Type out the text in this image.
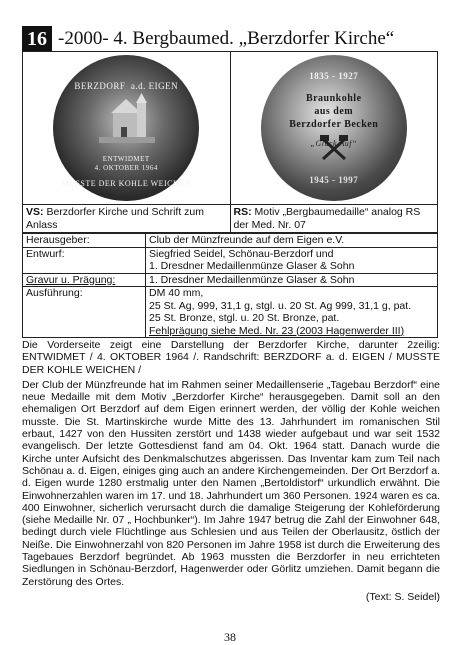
16 -2000- 4. Bergbaumed. „Berzdorfer Kirche“
BERZDORF a.d. EIGEN
ENTWIDMET
4. OKTOBER 1964
MUSSTE DER KOHLE WEICHEN
1835 - 1927
Braunkohle
aus dem
Berzdorfer Becken
„Glück Auf“
1945 - 1997
VS: Berzdorfer Kirche und Schrift zum Anlass
RS: Motiv „Bergbaumedaille“ analog RS der Med. Nr. 07
Herausgeber:	Club der Münzfreunde auf dem Eigen e.V.
Entwurf:	Siegfried Seidel, Schönau-Berzdorf und
1. Dresdner Medaillenmünze Glaser & Sohn

Gravur u. Prägung:	1. Dresdner Medaillenmünze Glaser & Sohn
Ausführung:	DM 40 mm,
25 St. Ag, 999, 31,1 g, stgl. u. 20 St. Ag 999, 31,1 g, pat.
25 St. Bronze, stgl. u. 20 St. Bronze, pat.
Fehlprägung siehe Med. Nr. 23 (2003 Hagenwerder III)

Die Vorderseite zeigt eine Darstellung der Berzdorfer Kirche, darunter 2zeilig: ENTWIDMET / 4. OKTOBER 1964 /. Randschrift: BERZDORF a. d. EIGEN / MUSSTE DER KOHLE WEICHEN /

Der Club der Münzfreunde hat im Rahmen seiner Medaillenserie „Tagebau Berzdorf“ eine neue Medaille mit dem Motiv „Berzdorfer Kirche“ herausgegeben. Damit soll an den ehemaligen Ort Berzdorf auf dem Eigen erinnert werden, der völlig der Kohle weichen musste. Die St. Martinskirche wurde Mitte des 13. Jahrhundert im romanischen Stil erbaut, 1427 von den Hussiten zerstört und 1438 wieder aufgebaut und war seit 1532 evangelisch. Der letzte Gottesdienst fand am 04. Okt. 1964 statt. Danach wurde die Kirche unter Aufsicht des Denkmalschutzes abgerissen. Das Inventar kam zum Teil nach Schönau a. d. Eigen, einiges ging auch an andere Kirchengemeinden. Der Ort Berzdorf a. d. Eigen wurde 1280 erstmalig unter den Namen „Bertoldistorf“ urkundlich erwähnt. Die Einwohnerzahlen waren im 17. und 18. Jahrhundert um 360 Personen. 1924 waren es ca. 400 Einwohner, sicherlich verursacht durch die damalige Steigerung der Kohleförderung (siehe Medaille Nr. 07 „ Hochbunker“). Im Jahre 1947 betrug die Zahl der Einwohner 648, bedingt durch viele Flüchtlinge aus Schlesien und aus Teilen der Oberlausitz, östlich der Neiße. Die Einwohnerzahl von 820 Personen im Jahre 1958 ist durch die Erweiterung des Tagebaues Berzdorf begründet. Ab 1963 mussten die Berzdorfer in neu errichteten Siedlungen in Schönau-Berzdorf, Hagenwerder oder Görlitz umziehen. Damit begann die Zerstörung des Ortes.

(Text: S. Seidel)

38
